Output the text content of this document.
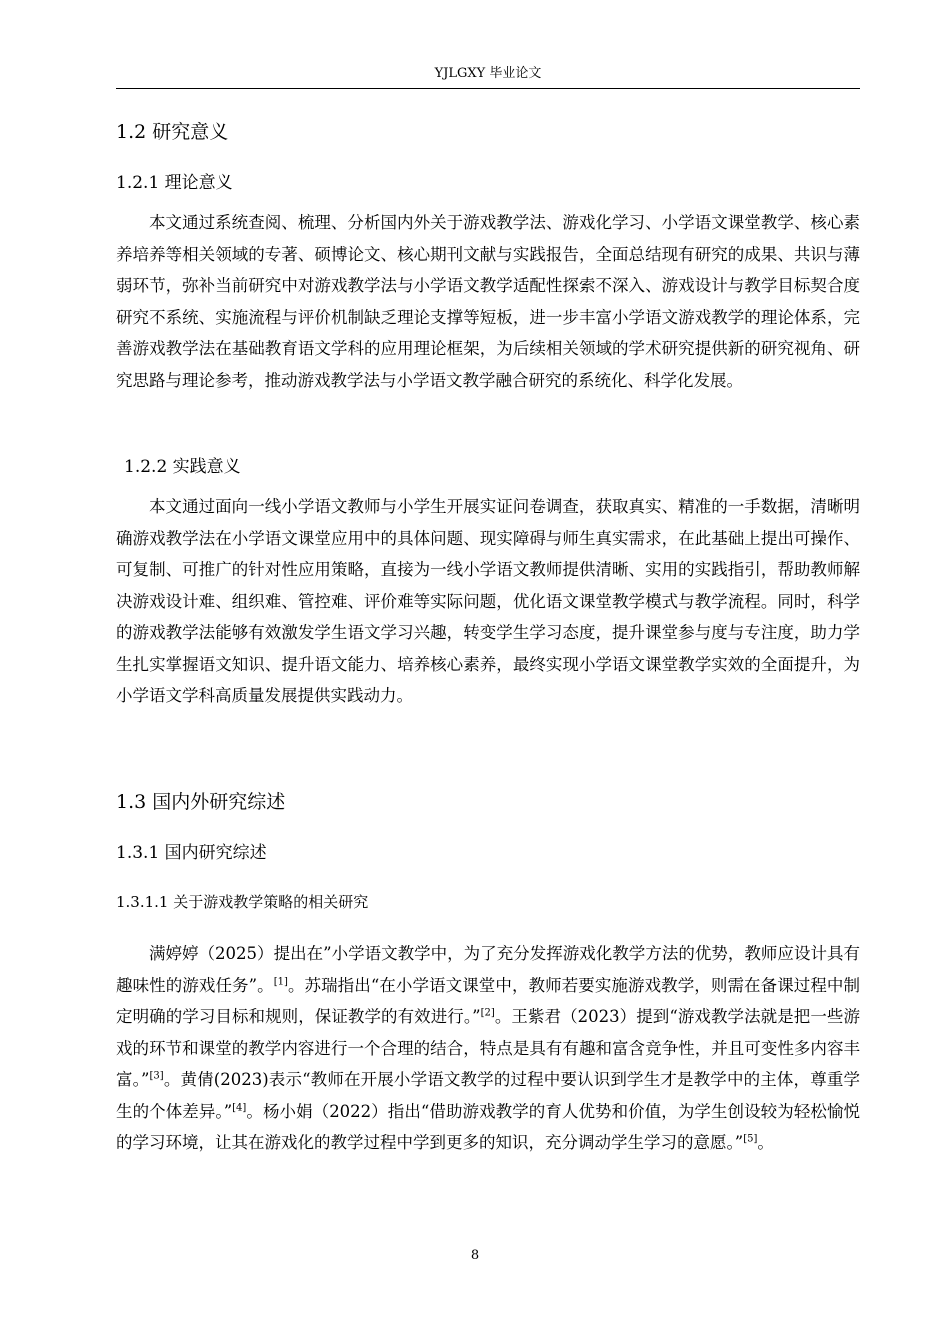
YJLGXY 毕业论文
1.2 研究意义
1.2.1 理论意义

本文通过系统查阅、梳理、分析国内外关于游戏教学法、游戏化学习、小学语文课堂教学、核心素养培养等相关领域的专著、硕博论文、核心期刊文献与实践报告，全面总结现有研究的成果、共识与薄弱环节，弥补当前研究中对游戏教学法与小学语文教学适配性探索不深入、游戏设计与教学目标契合度研究不系统、实施流程与评价机制缺乏理论支撑等短板，进一步丰富小学语文游戏教学的理论体系，完善游戏教学法在基础教育语文学科的应用理论框架，为后续相关领域的学术研究提供新的研究视角、研究思路与理论参考，推动游戏教学法与小学语文教学融合研究的系统化、科学化发展。

1.2.2 实践意义

本文通过面向一线小学语文教师与小学生开展实证问卷调查，获取真实、精准的一手数据，清晰明确游戏教学法在小学语文课堂应用中的具体问题、现实障碍与师生真实需求，在此基础上提出可操作、可复制、可推广的针对性应用策略，直接为一线小学语文教师提供清晰、实用的实践指引，帮助教师解决游戏设计难、组织难、管控难、评价难等实际问题，优化语文课堂教学模式与教学流程。同时，科学的游戏教学法能够有效激发学生语文学习兴趣，转变学生学习态度，提升课堂参与度与专注度，助力学生扎实掌握语文知识、提升语文能力、培养核心素养，最终实现小学语文课堂教学实效的全面提升，为小学语文学科高质量发展提供实践动力。

1.3 国内外研究综述
1.3.1 国内研究综述
1.3.1.1 关于游戏教学策略的相关研究

满婷婷（2025）提出在”小学语文教学中，为了充分发挥游戏化教学方法的优势，教师应设计具有趣味性的游戏任务”。[1]。苏瑞指出“在小学语文课堂中，教师若要实施游戏教学，则需在备课过程中制定明确的学习目标和规则，保证教学的有效进行。”[2]。王紫君（2023）提到“游戏教学法就是把一些游戏的环节和课堂的教学内容进行一个合理的结合，特点是具有有趣和富含竞争性，并且可变性多内容丰富。”[3]。黄倩(2023)表示“教师在开展小学语文教学的过程中要认识到学生才是教学中的主体，尊重学生的个体差异。”[4]。杨小娟（2022）指出“借助游戏教学的育人优势和价值，为学生创设较为轻松愉悦的学习环境，让其在游戏化的教学过程中学到更多的知识，充分调动学生学习的意愿。”[5]。

8
